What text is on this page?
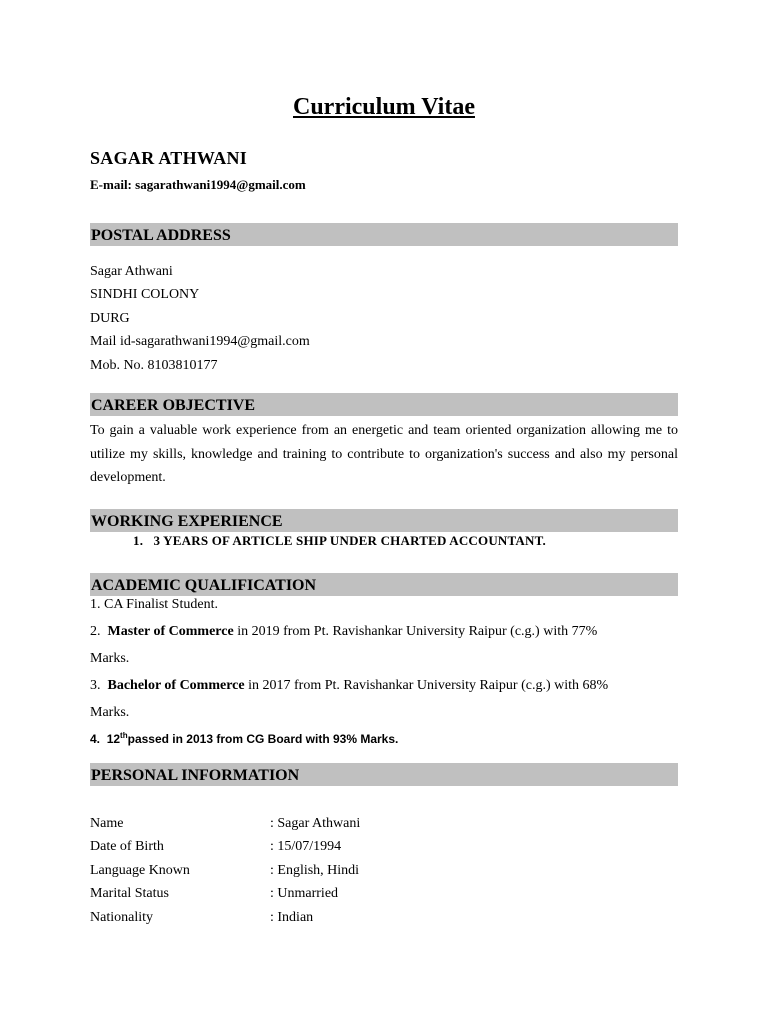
Curriculum Vitae
SAGAR ATHWANI
E-mail: sagarathwani1994@gmail.com
POSTAL ADDRESS
Sagar Athwani
SINDHI COLONY
DURG
Mail id-sagarathwani1994@gmail.com
Mob. No. 8103810177
CAREER OBJECTIVE
To gain a valuable work experience from an energetic and team oriented organization allowing me to utilize my skills, knowledge and training to contribute to organization's success and also my personal development.
WORKING EXPERIENCE
1. 3 YEARS OF ARTICLE SHIP UNDER CHARTED ACCOUNTANT.
ACADEMIC QUALIFICATION
1. CA Finalist Student.
2. Master of Commerce in 2019 from Pt. Ravishankar University Raipur (c.g.) with 77%
Marks.
3. Bachelor of Commerce in 2017 from Pt. Ravishankar University Raipur (c.g.) with 68%
Marks.
4. 12thpassed in 2013 from CG Board with 93% Marks.
PERSONAL INFORMATION
Name	: Sagar Athwani
Date of Birth	: 15/07/1994
Language Known	: English, Hindi
Marital Status	: Unmarried
Nationality	: Indian
